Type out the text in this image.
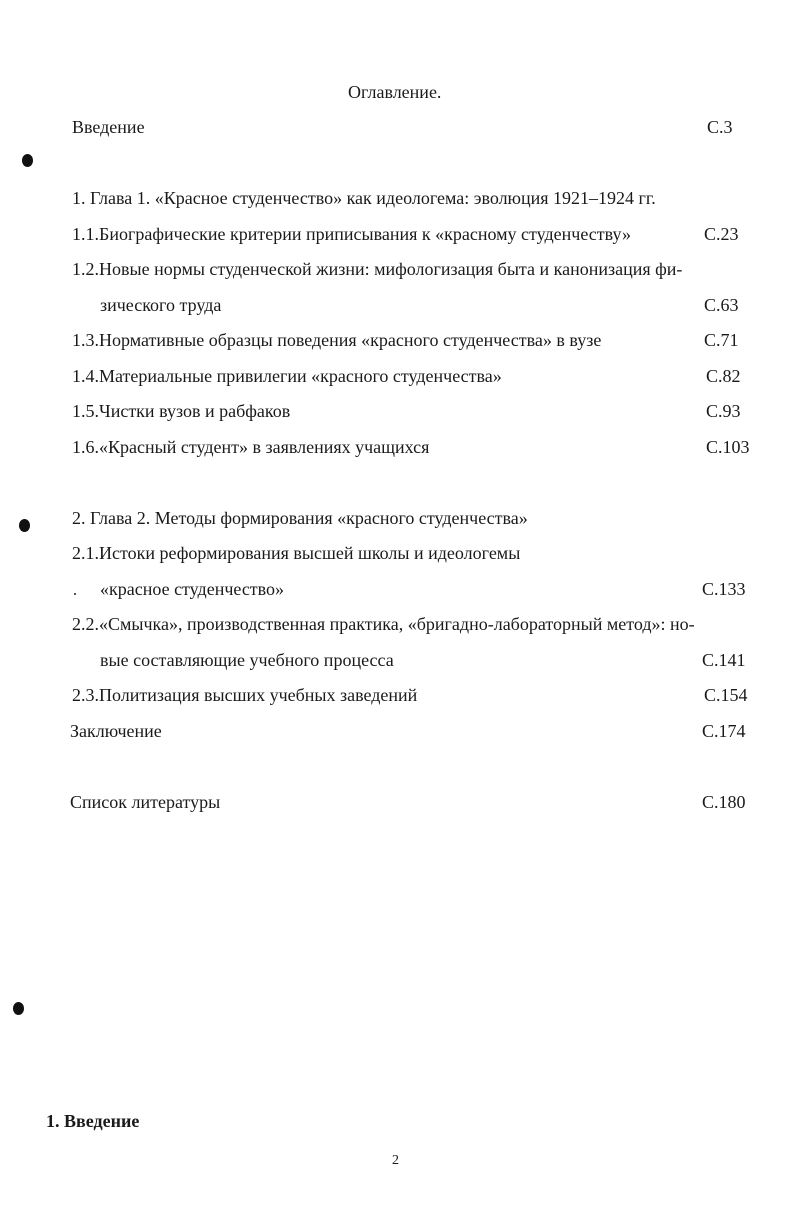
Оглавление.
Введение	С.3
1. Глава 1. «Красное студенчество» как идеологема: эволюция 1921–1924 гг.
1.1.Биографические критерии приписывания к «красному студенчеству»	С.23
1.2.Новые нормы студенческой жизни: мифологизация быта и канонизация фи-
зического труда	С.63
1.3.Нормативные образцы поведения «красного студенчества» в вузе	С.71
1.4.Материальные привилегии «красного студенчества»	С.82
1.5.Чистки вузов и рабфаков	С.93
1.6.«Красный студент» в заявлениях учащихся	С.103
2. Глава 2. Методы формирования «красного студенчества»
2.1.Истоки реформирования высшей школы и идеологемы
«красное студенчество»	С.133
2.2.«Смычка», производственная практика, «бригадно-лабораторный метод»: но-
вые составляющие учебного процесса	С.141
2.3.Политизация высших учебных заведений	С.154
Заключение	С.174
Список литературы	С.180
1. Введение
2
